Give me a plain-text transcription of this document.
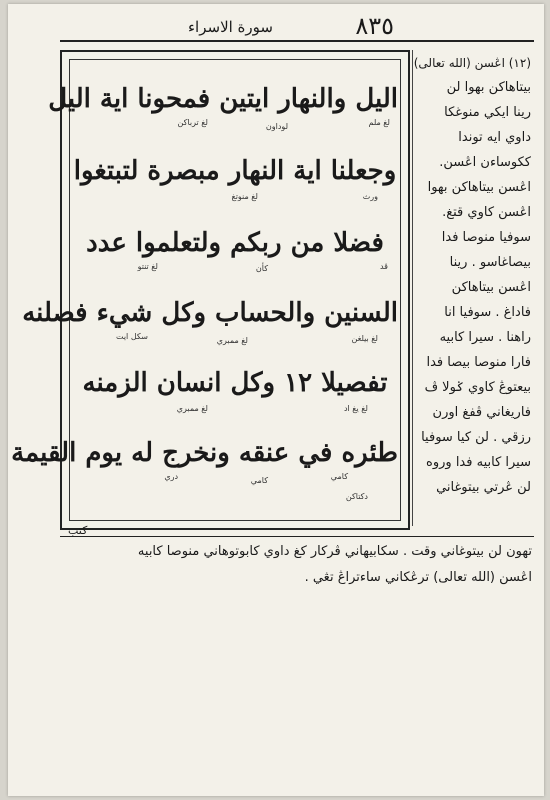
سورة الاسراء	٨٣٥
اليل والنهار ايتين فمحونا اية اليل
وجعلنا اية النهار مبصرة لتبتغوا
فضلا من ربكم ولتعلموا عدد
السنين والحساب وكل شيء فصلنه
تفصيلا ١٢ وكل انسان الزمنه
طئره في عنقه ونخرج له يوم القيمة
لغ ملم
لوداون
لغ ترباكن
ورث
لغ منوتغ
ڤد
کأن
لغ تنتو
لغ بيلغن
لغ ممبري
سکل ايت
لغ يغ اد
لغ ممبري
کامي
کامي
دري
دکتاکن
كتب
(١٢) اڠسن (الله تعالى)
بيتاهاکن بهوا لن
رينا ايکي منوغکا
داوي ايه توندا
ککوساءن اڠسن.
اڠسن بيتاهاکن بهوا
اڠسن کاوي قتغ.
سوفيا منوصا فدا
بيصاغاسو . رينا
اڠسن بيتاهاکن
فاداغ . سوفيا انا
راهنا . سيرا کابيه
فارا منوصا بيصا فدا
بيعتوڠ کاوي ݢولا ڤ
فاريغاني ڤفغ اورن
رزقي . لن کيا سوفيا
سيرا کابيه فدا وروه
لن ڠرتي بيتوغاني
تهون لن بيتوغاني وقت . سکابيهاني ڤرکار کغ داوي کابوتوهاني منوصا کابيه
اڠسن (الله تعالى) ترڠکاني ساءتراڠ تڠي .
